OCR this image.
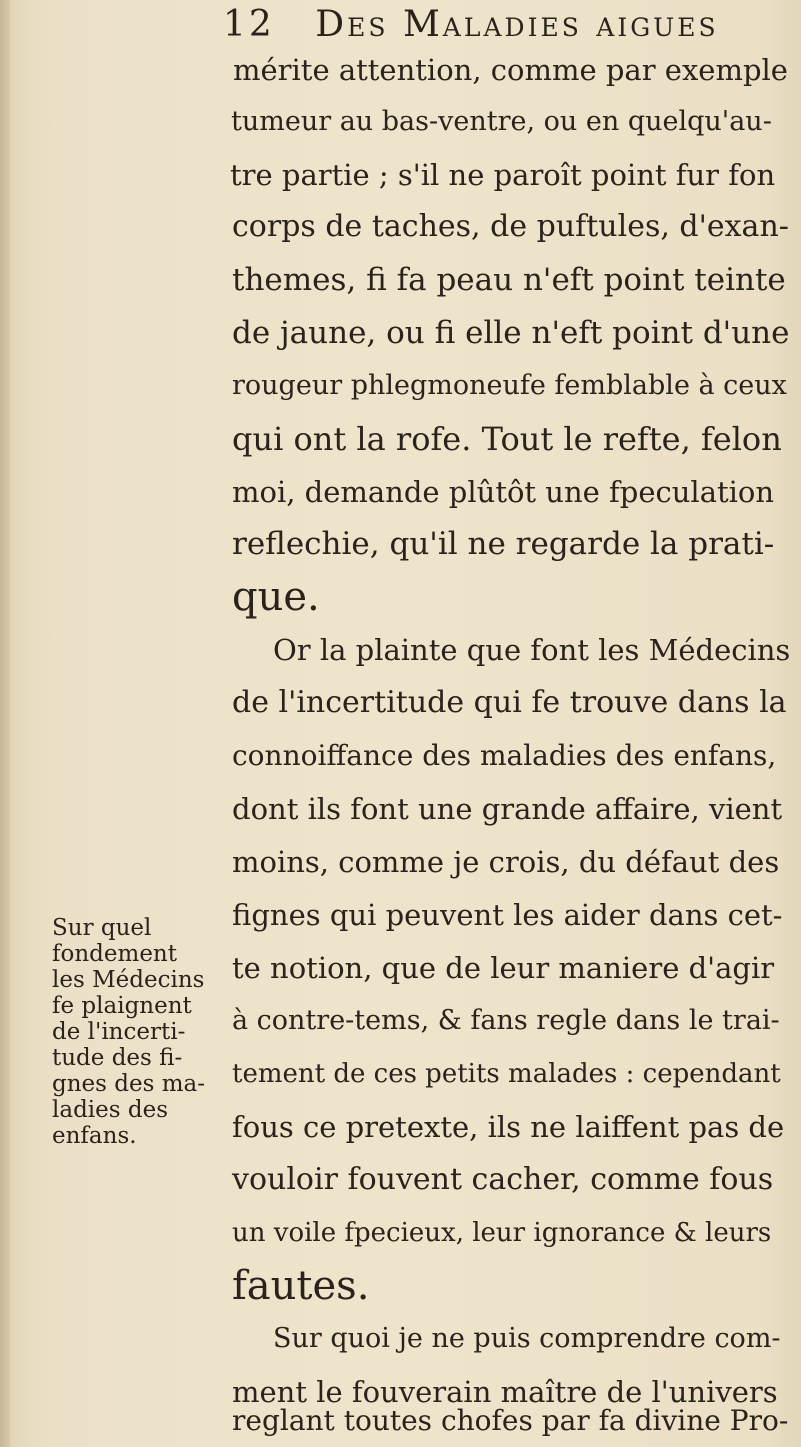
12 Des Maladies aigues
mérite attention, comme par exemple
tumeur au bas-ventre, ou en quelqu'au-
tre partie ; s'il ne paroît point fur fon
corps de taches, de puftules, d'exan-
themes, fi fa peau n'eft point teinte
de jaune, ou fi elle n'eft point d'une
rougeur phlegmoneufe femblable à ceux
qui ont la rofe. Tout le refte, felon
moi, demande plûtôt une fpeculation
reflechie, qu'il ne regarde la prati-
que.
Or la plainte que font les Médecins
de l'incertitude qui fe trouve dans la
connoiffance des maladies des enfans,
dont ils font une grande affaire, vient
moins, comme je crois, du défaut des
fignes qui peuvent les aider dans cet-
te notion, que de leur maniere d'agir
à contre-tems, & fans regle dans le trai-
tement de ces petits malades : cependant
fous ce pretexte, ils ne laiffent pas de
vouloir fouvent cacher, comme fous
un voile fpecieux, leur ignorance & leurs
fautes.
Sur quoi je ne puis comprendre com-
ment le fouverain maître de l'univers
reglant toutes chofes par fa divine Pro-
Sur quel
fondement
les Médecins
fe plaignent
de l'incerti-
tude des fi-
gnes des ma-
ladies des
enfans.
